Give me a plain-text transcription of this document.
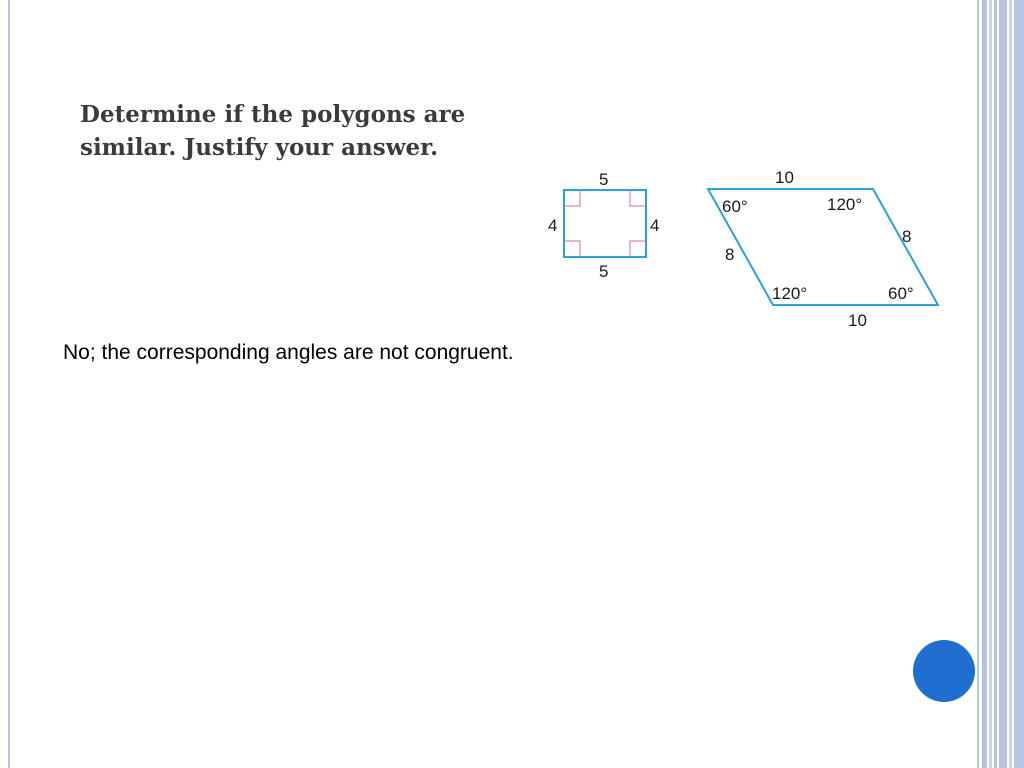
Determine if the polygons are
similar. Justify your answer.
5
5
4	4
10
10
8
8
60°	120°
120°	60°
No; the corresponding angles are not congruent.
